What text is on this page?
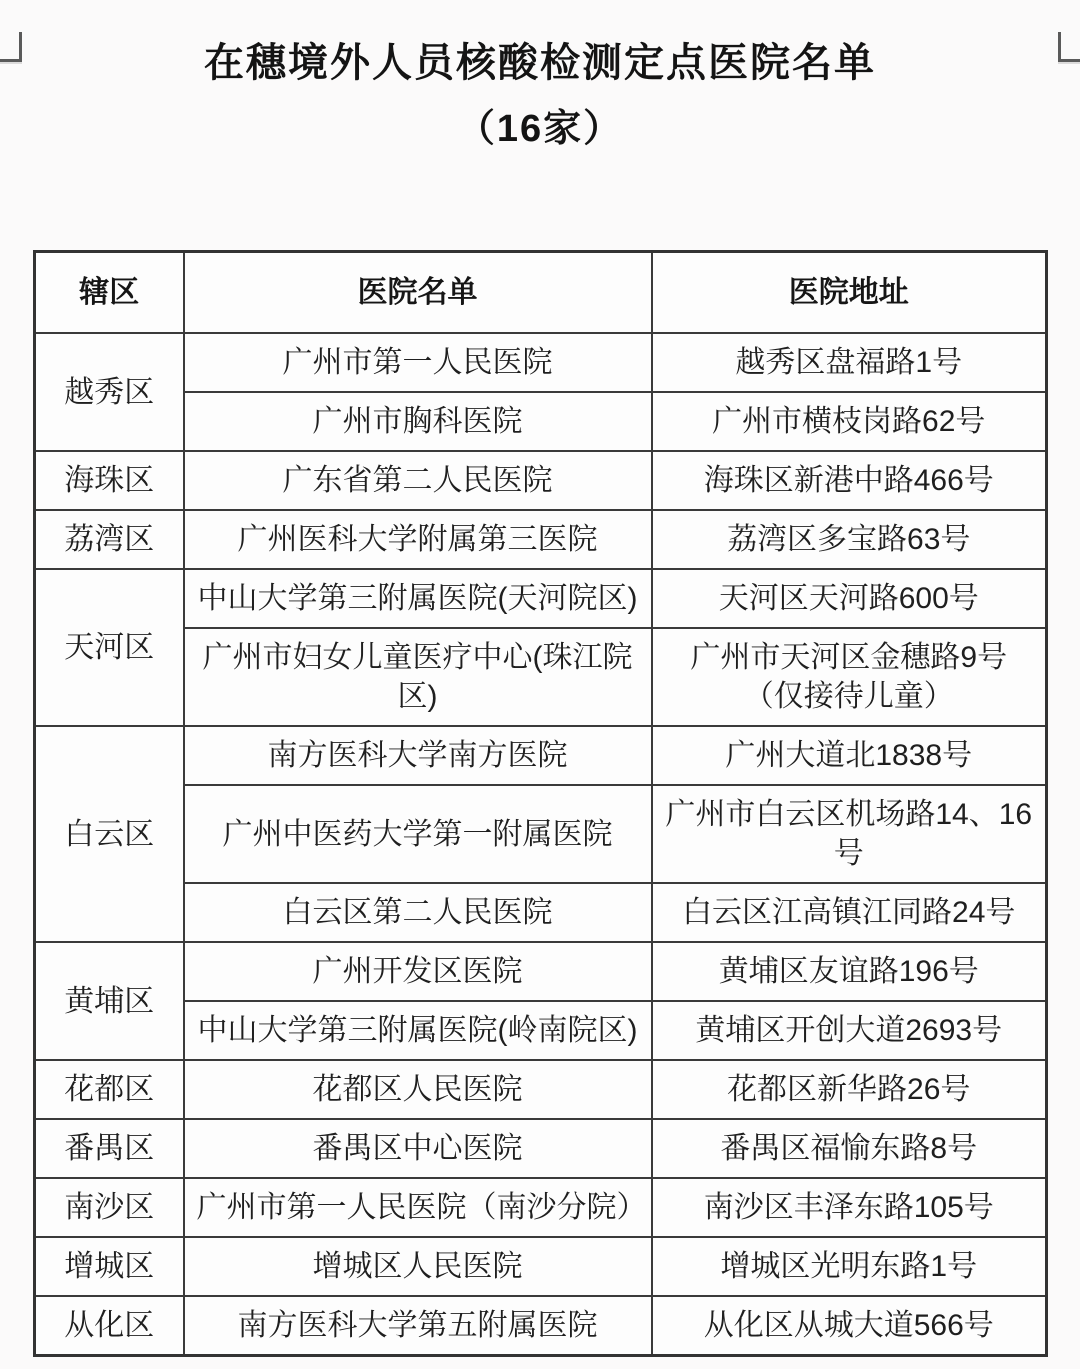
在穗境外人员核酸检测定点医院名单
（16家）
辖区	医院名单	医院地址
越秀区	广州市第一人民医院	越秀区盘福路1号
	广州市胸科医院	广州市横枝岗路62号
海珠区	广东省第二人民医院	海珠区新港中路466号
荔湾区	广州医科大学附属第三医院	荔湾区多宝路63号
天河区	中山大学第三附属医院(天河院区)	天河区天河路600号
	广州市妇女儿童医疗中心(珠江院区)	广州市天河区金穗路9号（仅接待儿童）
白云区	南方医科大学南方医院	广州大道北1838号
	广州中医药大学第一附属医院	广州市白云区机场路14、16号
	白云区第二人民医院	白云区江高镇江同路24号
黄埔区	广州开发区医院	黄埔区友谊路196号
	中山大学第三附属医院(岭南院区)	黄埔区开创大道2693号
花都区	花都区人民医院	花都区新华路26号
番禺区	番禺区中心医院	番禺区福愉东路8号
南沙区	广州市第一人民医院（南沙分院）	南沙区丰泽东路105号
增城区	增城区人民医院	增城区光明东路1号
从化区	南方医科大学第五附属医院	从化区从城大道566号
